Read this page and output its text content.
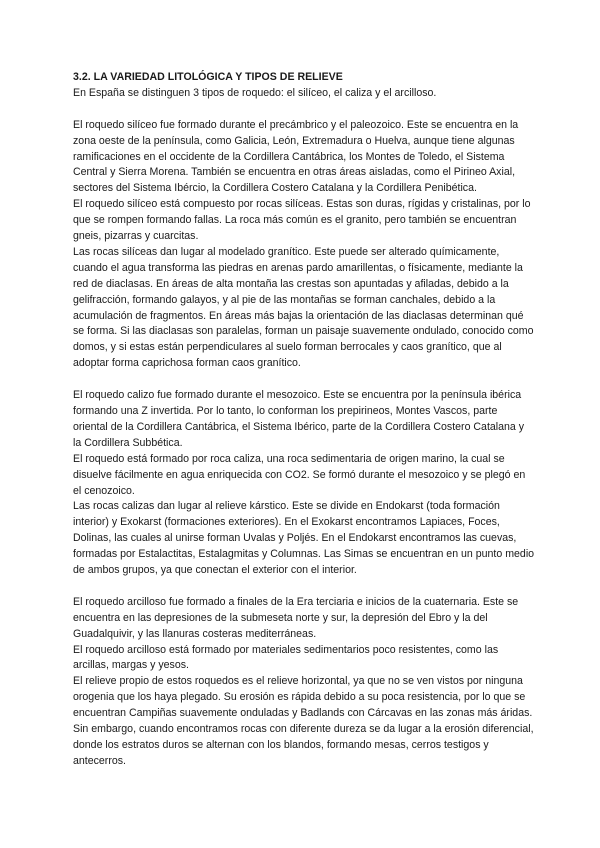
3.2. LA VARIEDAD LITOLÓGICA Y TIPOS DE RELIEVE

En España se distinguen 3 tipos de roquedo: el silíceo, el caliza y el arcilloso.

El roquedo silíceo fue formado durante el precámbrico y el paleozoico. Este se encuentra en la zona oeste de la península, como Galicia, León, Extremadura o Huelva, aunque tiene algunas ramificaciones en el occidente de la Cordillera Cantábrica, los Montes de Toledo, el Sistema Central y Sierra Morena. También se encuentra en otras áreas aisladas, como el Pirineo Axial, sectores del Sistema Ibércio, la Cordillera Costero Catalana y la Cordillera Penibética.

El roquedo silíceo está compuesto por rocas silíceas. Estas son duras, rígidas y cristalinas, por lo que se rompen formando fallas. La roca más común es el granito, pero también se encuentran gneis, pizarras y cuarcitas.

Las rocas silíceas dan lugar al modelado granítico. Este puede ser alterado químicamente, cuando el agua transforma las piedras en arenas pardo amarillentas, o físicamente, mediante la red de diaclasas. En áreas de alta montaña las crestas son apuntadas y afiladas, debido a la gelifracción, formando galayos, y al pie de las montañas se forman canchales, debido a la acumulación de fragmentos. En áreas más bajas la orientación de las diaclasas determinan qué se forma. Si las diaclasas son paralelas, forman un paisaje suavemente ondulado, conocido como domos, y si estas están perpendiculares al suelo forman berrocales y caos granítico, que al adoptar forma caprichosa forman caos granítico.

El roquedo calizo fue formado durante el mesozoico. Este se encuentra por la península ibérica formando una Z invertida. Por lo tanto, lo conforman los prepirineos, Montes Vascos, parte oriental de la Cordillera Cantábrica, el Sistema Ibérico, parte de la Cordillera Costero Catalana y la Cordillera Subbética.

El roquedo está formado por roca caliza, una roca sedimentaria de origen marino, la cual se disuelve fácilmente en agua enriquecida con CO2. Se formó durante el mesozoico y se plegó en el cenozoico.

Las rocas calizas dan lugar al relieve kárstico. Este se divide en Endokarst (toda formación interior) y Exokarst (formaciones exteriores). En el Exokarst encontramos Lapiaces, Foces, Dolinas, las cuales al unirse forman Uvalas y Poljés. En el Endokarst encontramos las cuevas, formadas por Estalactitas, Estalagmitas y Columnas. Las Simas se encuentran en un punto medio de ambos grupos, ya que conectan el exterior con el interior.

El roquedo arcilloso fue formado a finales de la Era terciaria e inicios de la cuaternaria. Este se encuentra en las depresiones de la submeseta norte y sur, la depresión del Ebro y la del Guadalquivir, y las llanuras costeras mediterráneas.

El roquedo arcilloso está formado por materiales sedimentarios poco resistentes, como las arcillas, margas y yesos.

El relieve propio de estos roquedos es el relieve horizontal, ya que no se ven vistos por ninguna orogenia que los haya plegado. Su erosión es rápida debido a su poca resistencia, por lo que se encuentran Campiñas suavemente onduladas y Badlands con Cárcavas en las zonas más áridas. Sin embargo, cuando encontramos rocas con diferente dureza se da lugar a la erosión diferencial, donde los estratos duros se alternan con los blandos, formando mesas, cerros testigos y antecerros.
